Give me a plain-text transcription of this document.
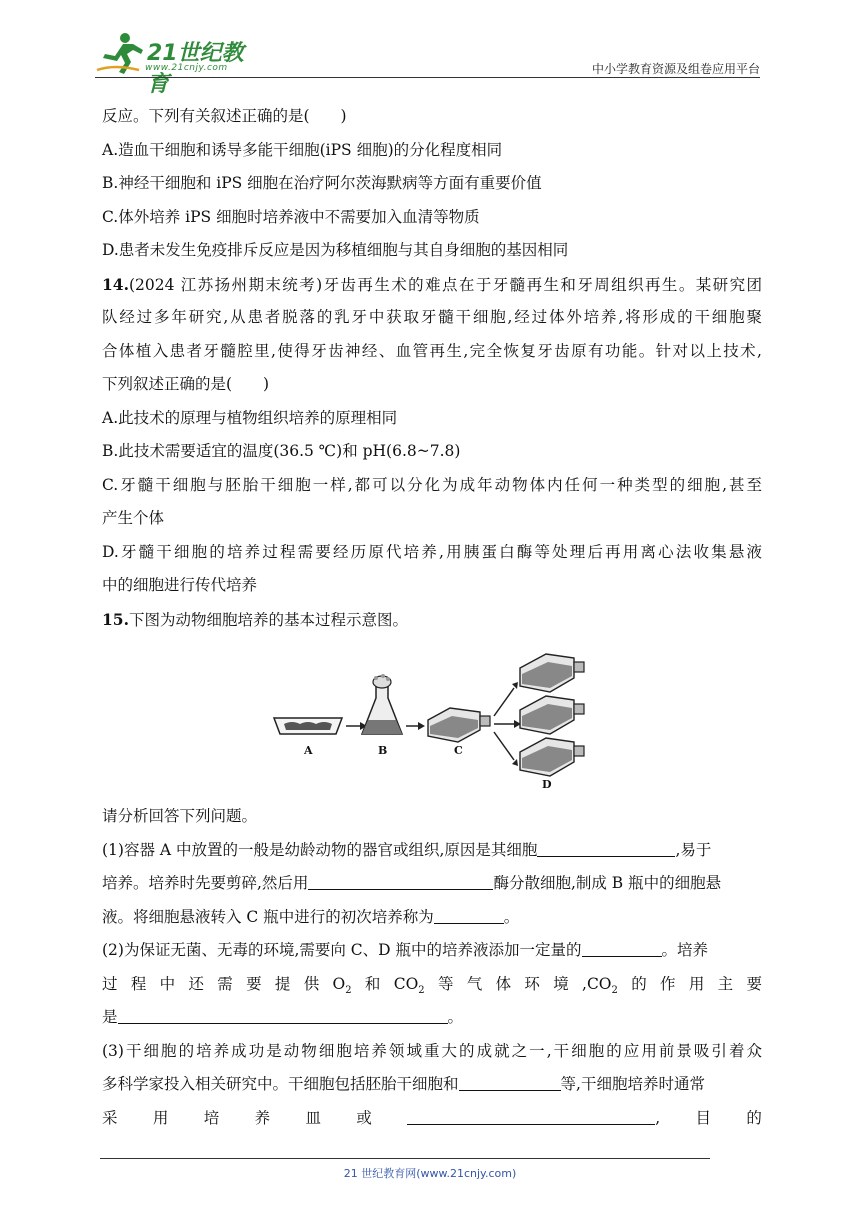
21世纪教育
www.21cnjy.com	中小学教育资源及组卷应用平台
反应。下列有关叙述正确的是(　　)
A.造血干细胞和诱导多能干细胞(iPS 细胞)的分化程度相同
B.神经干细胞和 iPS 细胞在治疗阿尔茨海默病等方面有重要价值
C.体外培养 iPS 细胞时培养液中不需要加入血清等物质
D.患者未发生免疫排斥反应是因为移植细胞与其自身细胞的基因相同
14.(2024 江苏扬州期末统考)牙齿再生术的难点在于牙髓再生和牙周组织再生。某研究团
队经过多年研究,从患者脱落的乳牙中获取牙髓干细胞,经过体外培养,将形成的干细胞聚
合体植入患者牙髓腔里,使得牙齿神经、血管再生,完全恢复牙齿原有功能。针对以上技术,
下列叙述正确的是(　　)
A.此技术的原理与植物组织培养的原理相同
B.此技术需要适宜的温度(36.5 ℃)和 pH(6.8~7.8)
C.牙髓干细胞与胚胎干细胞一样,都可以分化为成年动物体内任何一种类型的细胞,甚至
产生个体
D.牙髓干细胞的培养过程需要经历原代培养,用胰蛋白酶等处理后再用离心法收集悬液
中的细胞进行传代培养
15.下图为动物细胞培养的基本过程示意图。
A	B	C
D
请分析回答下列问题。
(1)容器 A 中放置的一般是幼龄动物的器官或组织,原因是其细胞	,易于
培养。培养时先要剪碎,然后用	酶分散细胞,制成 B 瓶中的细胞悬
液。将细胞悬液转入 C 瓶中进行的初次培养称为	。
(2)为保证无菌、无毒的环境,需要向 C、D 瓶中的培养液添加一定量的	。培养
过 程 中 还 需 要 提 供 $O_2$ 和 $CO_2$ 等 气 体 环 境 $,CO_2$ 的 作 用 主 要
是	。
(3)干细胞的培养成功是动物细胞培养领域重大的成就之一,干细胞的应用前景吸引着众
多科学家投入相关研究中。干细胞包括胚胎干细胞和	等,干细胞培养时通常
采 用 培 养 皿 或	, 目 的
21 世纪教育网(www.21cnjy.com)
